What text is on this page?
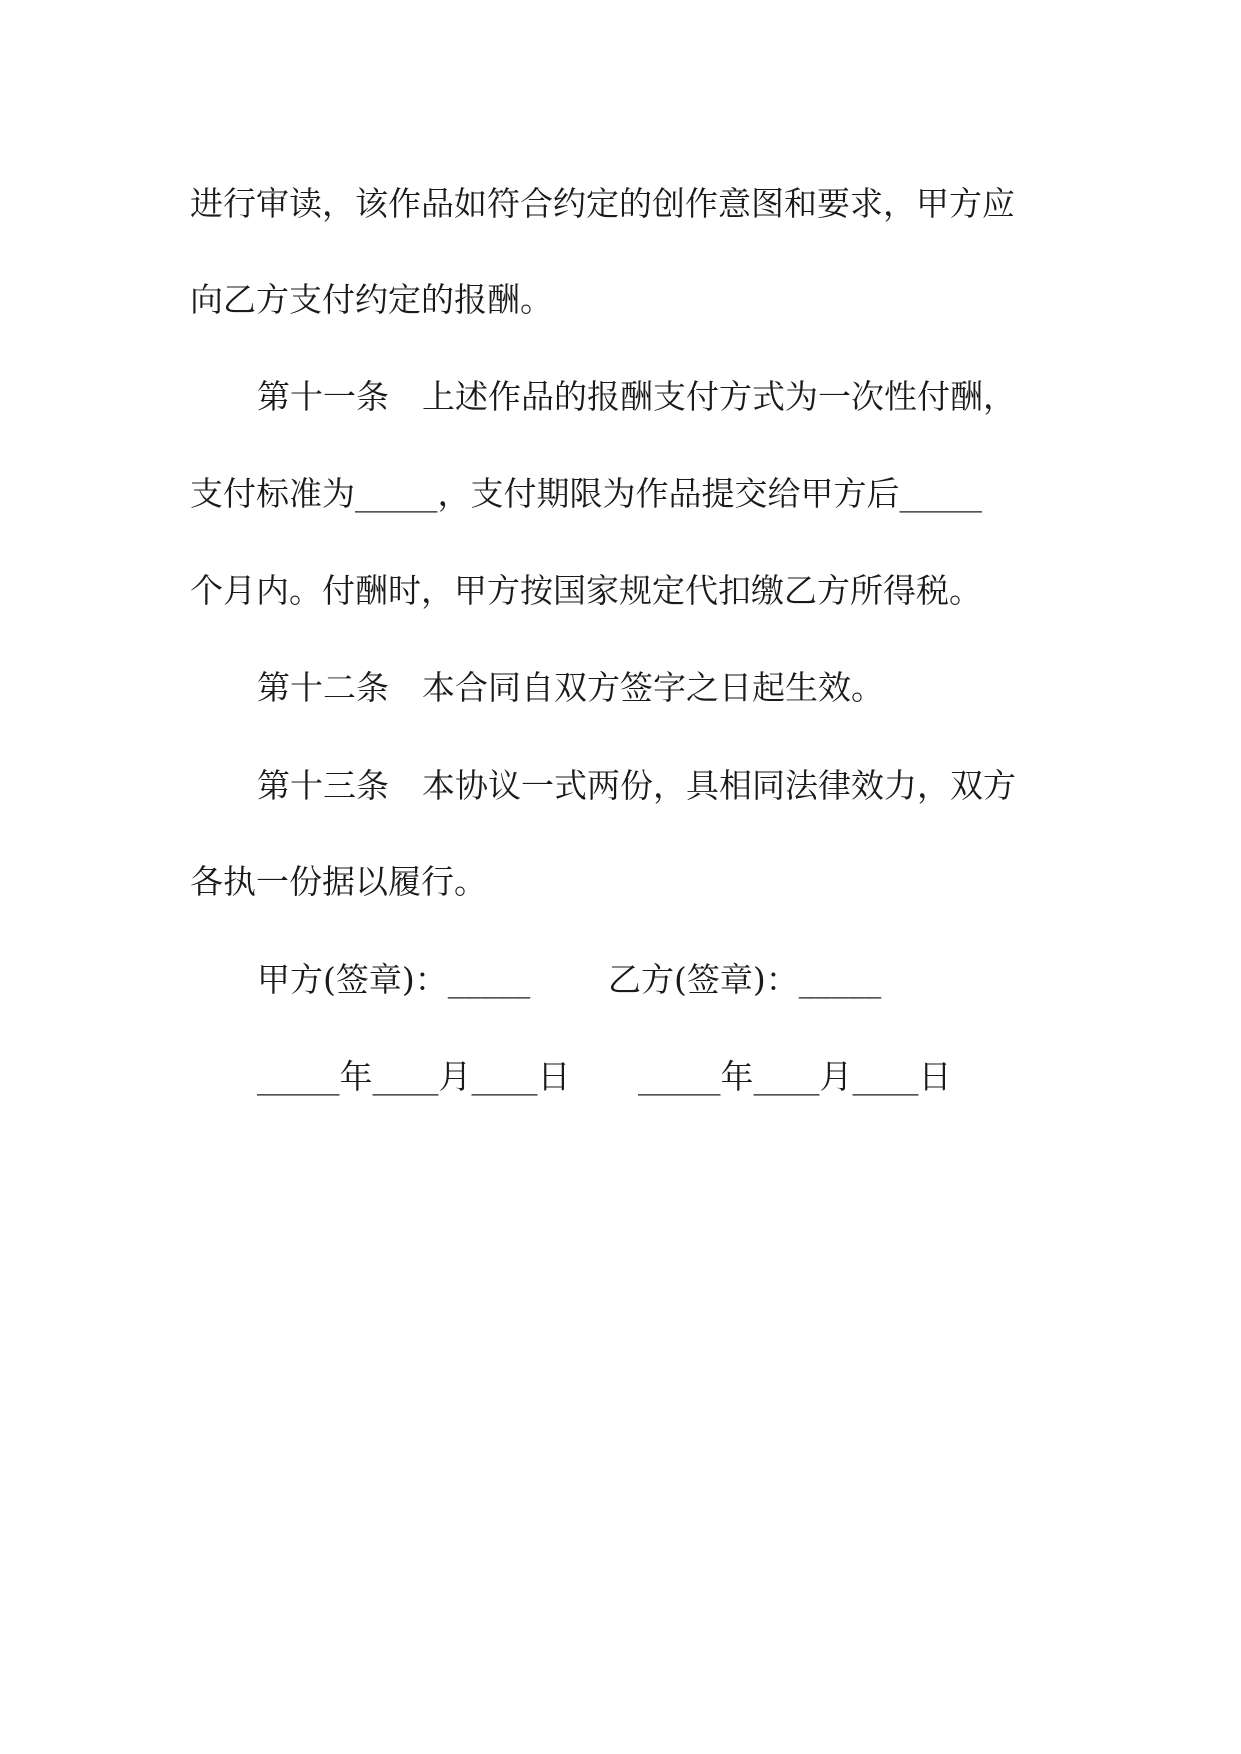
进行审读，该作品如符合约定的创作意图和要求，甲方应
向乙方支付约定的报酬。
第十一条　上述作品的报酬支付方式为一次性付酬，
支付标准为_____，支付期限为作品提交给甲方后_____
个月内。付酬时，甲方按国家规定代扣缴乙方所得税。
第十二条　本合同自双方签字之日起生效。
第十三条　本协议一式两份，具相同法律效力，双方
各执一份据以履行。
甲方(签章)：_____ 乙方(签章)：_____
_____年____月____日 _____年____月____日
